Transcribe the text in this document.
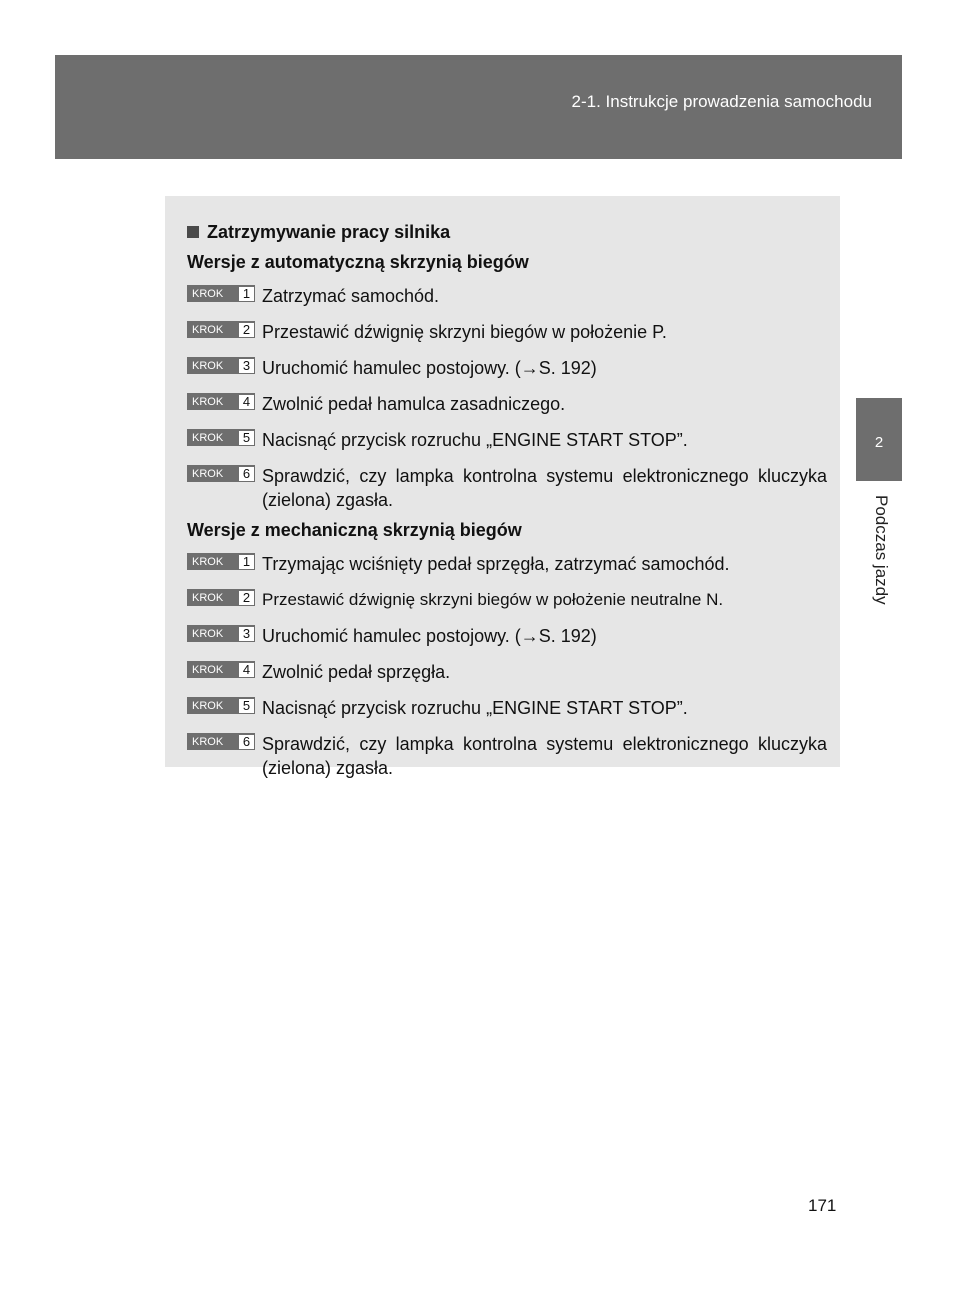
2-1. Instrukcje prowadzenia samochodu
2
Podczas jazdy
Zatrzymywanie pracy silnika
Wersje z automatyczną skrzynią biegów
KROK	1 Zatrzymać samochód.
KROK	2 Przestawić dźwignię skrzyni biegów w położenie P.
KROK	3 Uruchomić hamulec postojowy. (→S. 192)
KROK	4 Zwolnić pedał hamulca zasadniczego.
KROK	5 Nacisnąć przycisk rozruchu „ENGINE START STOP”.
KROK	6 Sprawdzić, czy lampka kontrolna systemu elektronicznego kluczyka (zielona) zgasła.
Wersje z mechaniczną skrzynią biegów
KROK	1 Trzymając wciśnięty pedał sprzęgła, zatrzymać samochód.
KROK	2 Przestawić dźwignię skrzyni biegów w położenie neutralne N.
KROK	3 Uruchomić hamulec postojowy. (→S. 192)
KROK	4 Zwolnić pedał sprzęgła.
KROK	5 Nacisnąć przycisk rozruchu „ENGINE START STOP”.
KROK	6 Sprawdzić, czy lampka kontrolna systemu elektronicznego kluczyka (zielona) zgasła.
171
